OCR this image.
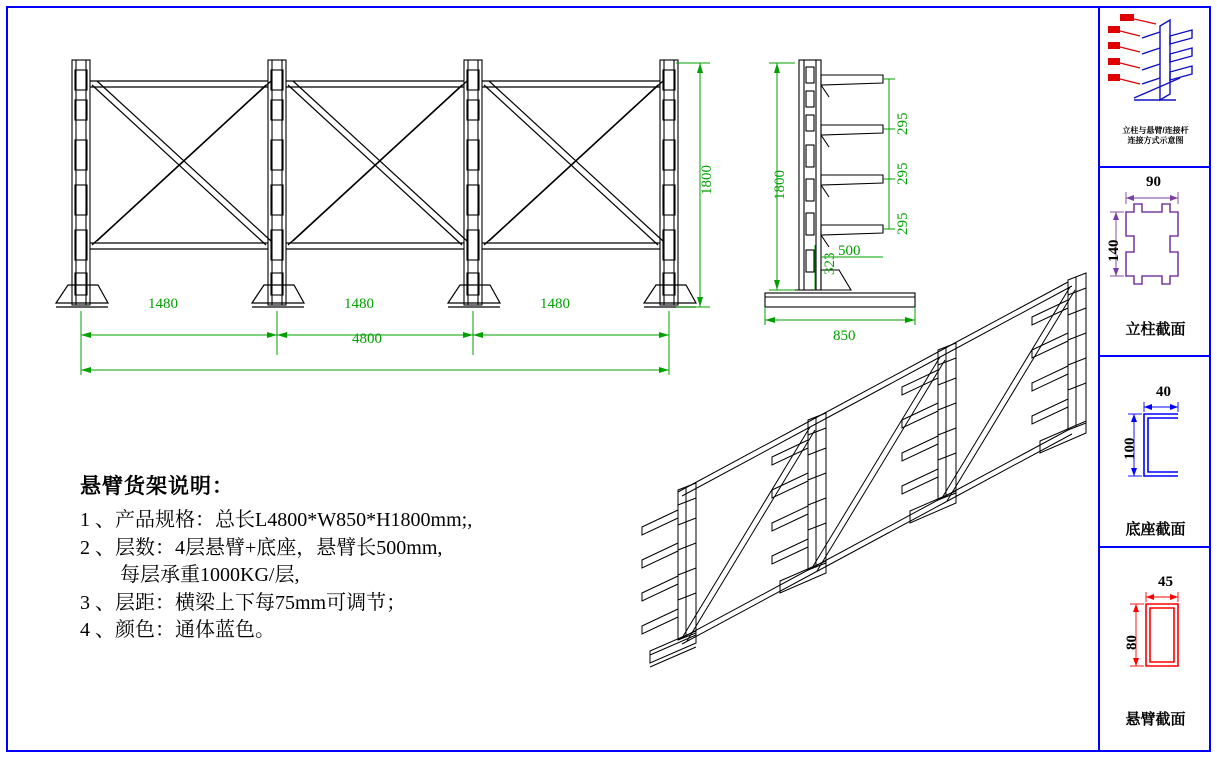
1480	1480	1480
4800
1800	1800
295
295
295
323
500
850
悬臂货架说明：
1 、产品规格：总长L4800*W850*H1800mm;,
2 、层数：4层悬臂+底座，悬臂长500mm,
每层承重1000KG/层,
3 、层距：横梁上下每75mm可调节；
4 、颜色：通体蓝色。
立柱与悬臂/连接杆
连接方式示意图
90
140
立柱截面
40
100
底座截面
45
80
悬臂截面
